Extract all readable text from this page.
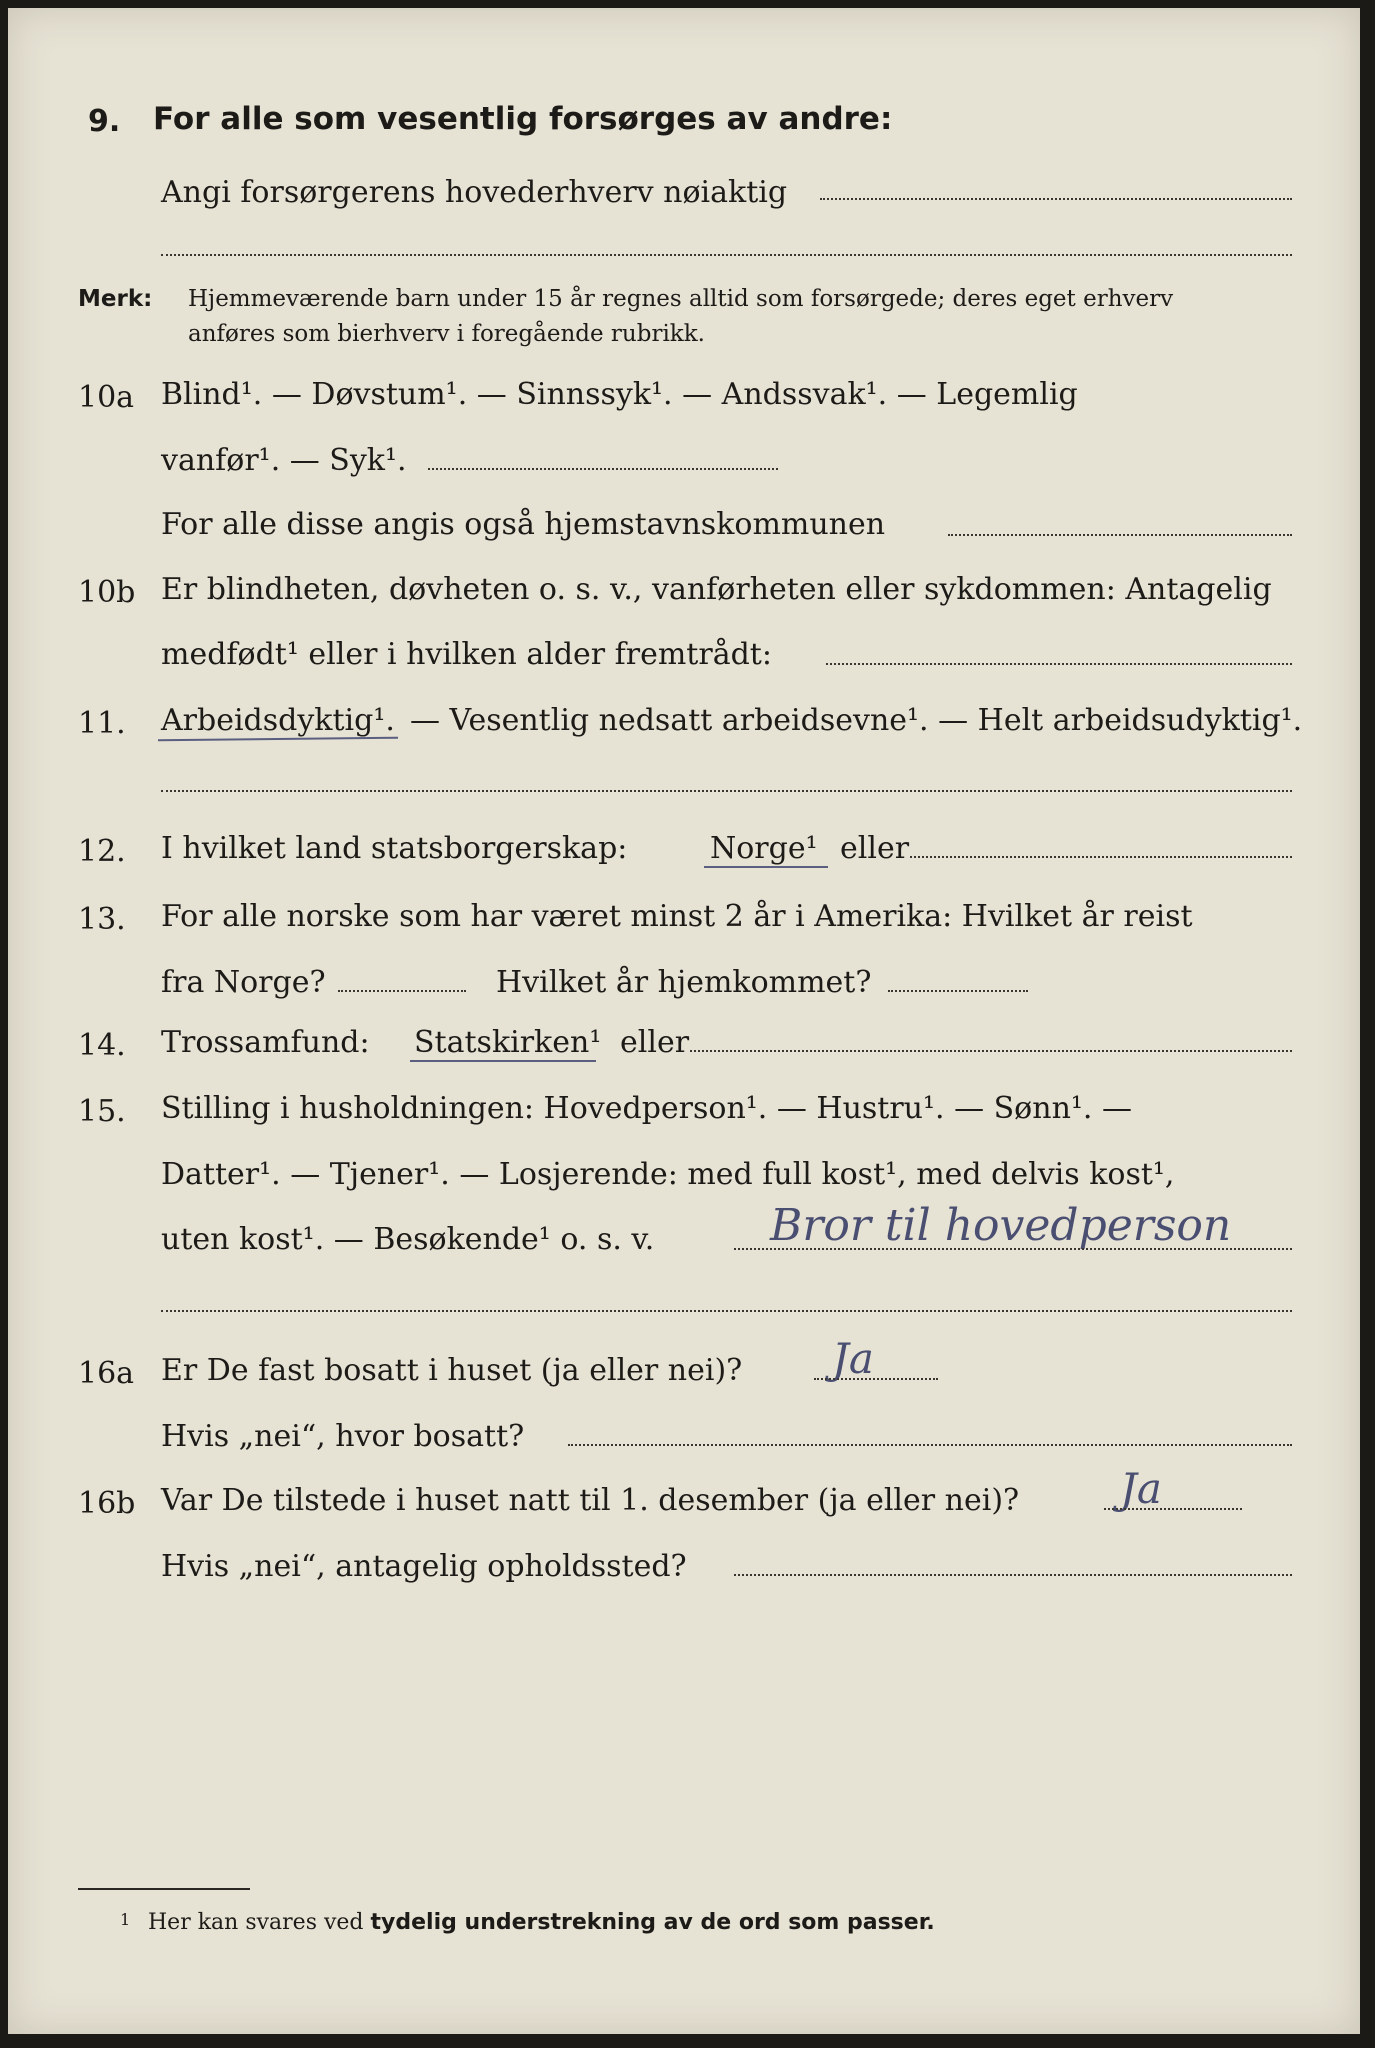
9. For alle som vesentlig forsørges av andre:
Angi forsørgerens hovederhverv nøiaktig
Merk: Hjemmeværende barn under 15 år regnes alltid som forsørgede; deres eget erhverv
anføres som bierhverv i foregående rubrikk.
10a Blind¹. — Døvstum¹. — Sinnssyk¹. — Andssvak¹. — Legemlig
vanfør¹. — Syk¹.
For alle disse angis også hjemstavnskommunen
10b Er blindheten, døvheten o. s. v., vanførheten eller sykdommen: Antagelig
medfødt¹ eller i hvilken alder fremtrådt:
11. Arbeidsdyktig¹. — Vesentlig nedsatt arbeidsevne¹. — Helt arbeidsudyktig¹.
12. I hvilket land statsborgerskap:	Norge¹ eller
13. For alle norske som har været minst 2 år i Amerika: Hvilket år reist
fra Norge?	Hvilket år hjemkommet?
14. Trossamfund: Statskirken¹ eller
15. Stilling i husholdningen: Hovedperson¹. — Hustru¹. — Sønn¹. —
Datter¹. — Tjener¹. — Losjerende: med full kost¹, med delvis kost¹,
uten kost¹. — Besøkende¹ o. s. v.	Bror til hovedperson
16a Er De fast bosatt i huset (ja eller nei)? Ja
Hvis „nei“, hvor bosatt?
16b Var De tilstede i huset natt til 1. desember (ja eller nei)? Ja
Hvis „nei“, antagelig opholdssted?
1 Her kan svares ved tydelig understrekning av de ord som passer.
